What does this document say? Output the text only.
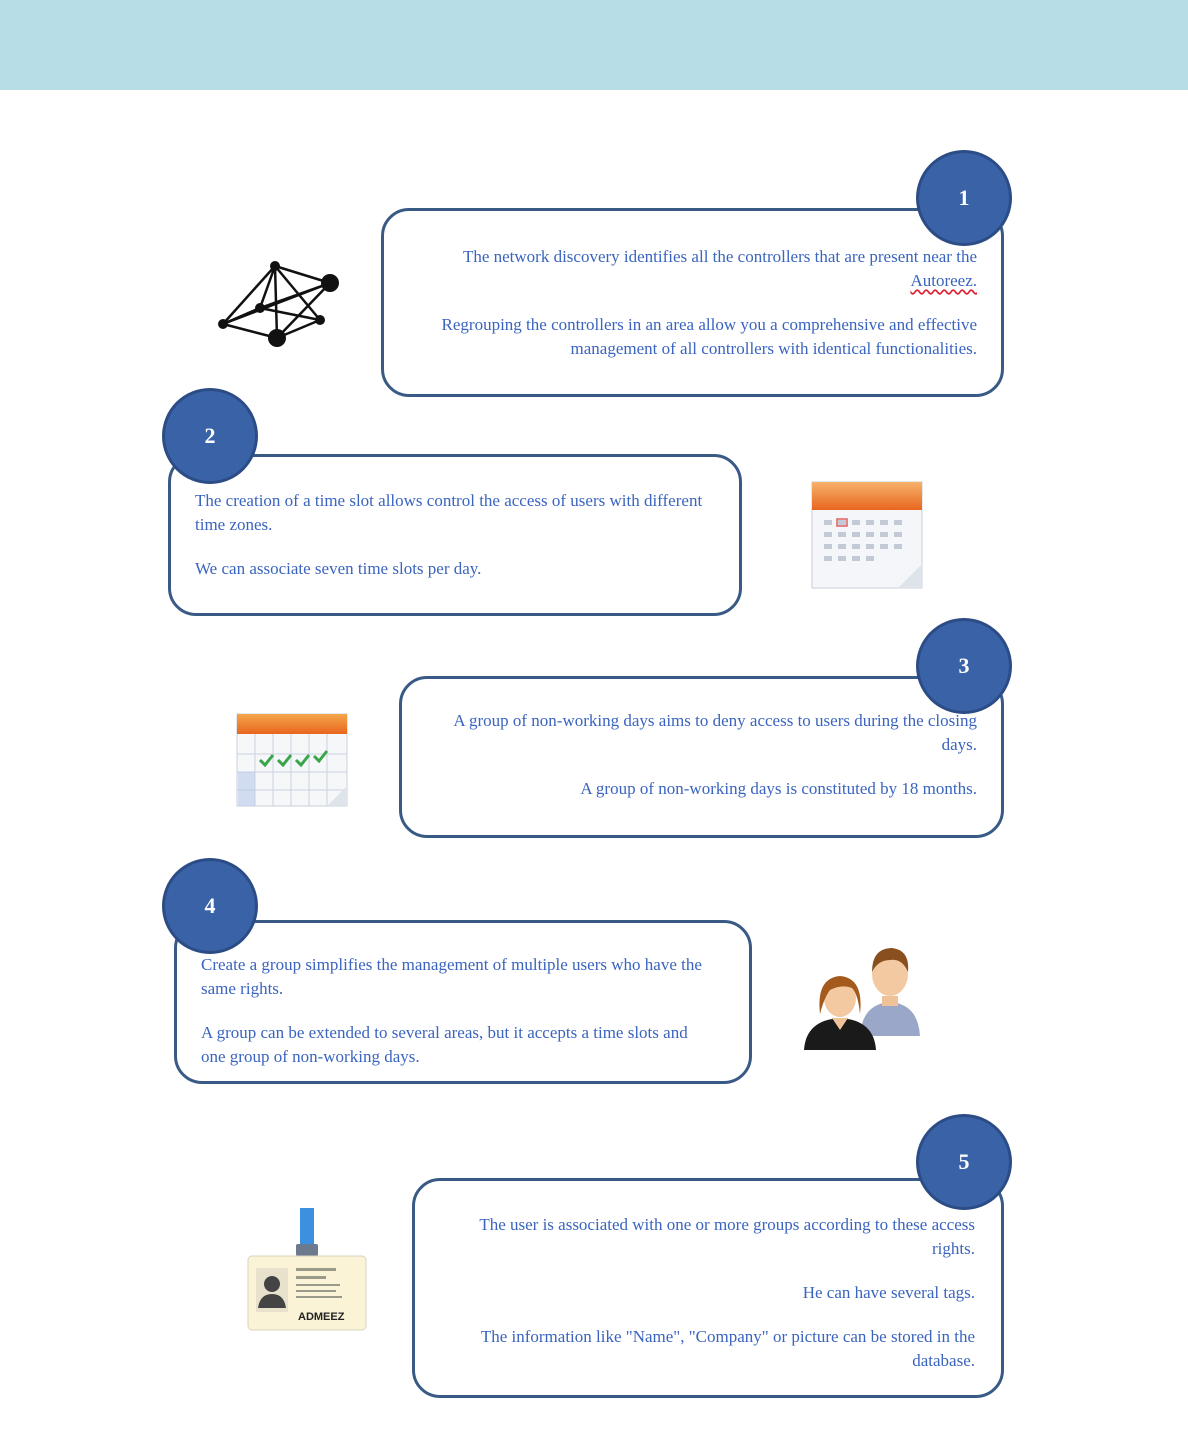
The network discovery identifies all the controllers that are present near the Autoreez.

Regrouping the controllers in an area allow you a comprehensive and effective management of all controllers with identical functionalities.

1

The creation of a time slot allows control the access of users with different time zones.

We can associate seven time slots per day.

2

A group of non-working days aims to deny access to users during the closing days.

A group of non-working days is constituted by 18 months.

3

Create a group simplifies the management of multiple users who have the same rights.

A group can be extended to several areas, but it accepts a time slots and one group of non-working days.

4
ADMEEZ

The user is associated with one or more groups according to these access rights.

He can have several tags.

The information like "Name", "Company" or picture can be stored in the database.

5
